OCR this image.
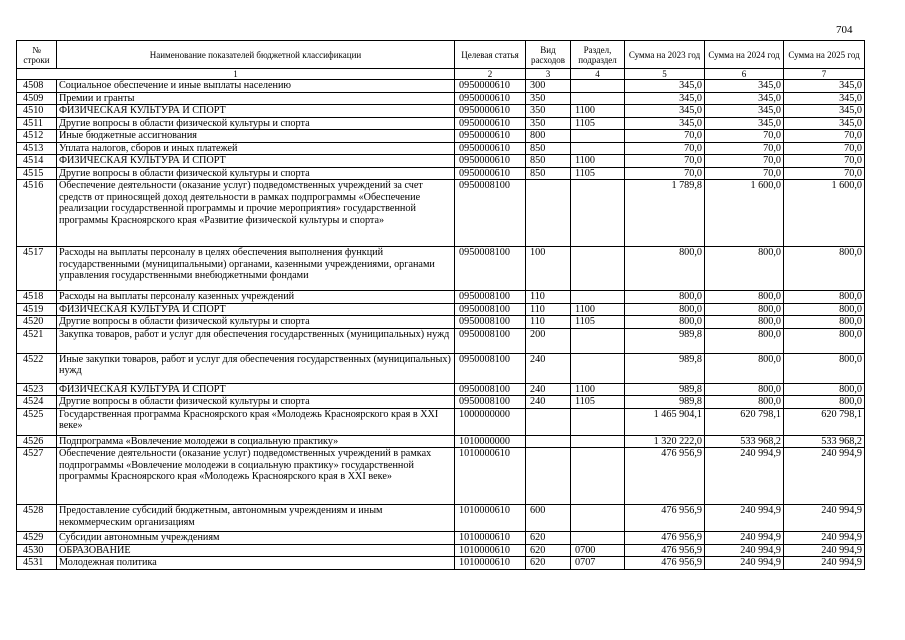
704
№ строки	Наименование показателей бюджетной классификации	Целевая статья	Вид расходов	Раздел, подраздел	Сумма на 2023 год	Сумма на 2024 год	Сумма на 2025 год
1		2	3	4	5	6	7
4508	Социальное обеспечение и иные выплаты населению	0950000610	300		345,0	345,0	345,0
4509	Премии и гранты	0950000610	350		345,0	345,0	345,0
4510	ФИЗИЧЕСКАЯ КУЛЬТУРА И СПОРТ	0950000610	350	1100	345,0	345,0	345,0
4511	Другие вопросы в области физической культуры и спорта	0950000610	350	1105	345,0	345,0	345,0
4512	Иные бюджетные ассигнования	0950000610	800		70,0	70,0	70,0
4513	Уплата налогов, сборов и иных платежей	0950000610	850		70,0	70,0	70,0
4514	ФИЗИЧЕСКАЯ КУЛЬТУРА И СПОРТ	0950000610	850	1100	70,0	70,0	70,0
4515	Другие вопросы в области физической культуры и спорта	0950000610	850	1105	70,0	70,0	70,0
4516	Обеспечение деятельности (оказание услуг) подведомственных учреждений за счет средств от приносящей доход деятельности в рамках подпрограммы «Обеспечение реализации государственной программы и прочие мероприятия» государственной программы Красноярского края «Развитие физической культуры и спорта»	0950008100			1 789,8	1 600,0	1 600,0
4517	Расходы на выплаты персоналу в целях обеспечения выполнения функций государственными (муниципальными) органами, казенными учреждениями, органами управления государственными внебюджетными фондами	0950008100	100		800,0	800,0	800,0
4518	Расходы на выплаты персоналу казенных учреждений	0950008100	110		800,0	800,0	800,0
4519	ФИЗИЧЕСКАЯ КУЛЬТУРА И СПОРТ	0950008100	110	1100	800,0	800,0	800,0
4520	Другие вопросы в области физической культуры и спорта	0950008100	110	1105	800,0	800,0	800,0
4521	Закупка товаров, работ и услуг для обеспечения государственных (муниципальных) нужд	0950008100	200		989,8	800,0	800,0
4522	Иные закупки товаров, работ и услуг для обеспечения государственных (муниципальных) нужд	0950008100	240		989,8	800,0	800,0
4523	ФИЗИЧЕСКАЯ КУЛЬТУРА И СПОРТ	0950008100	240	1100	989,8	800,0	800,0
4524	Другие вопросы в области физической культуры и спорта	0950008100	240	1105	989,8	800,0	800,0
4525	Государственная программа Красноярского края «Молодежь Красноярского края в XXI веке»	1000000000			1 465 904,1	620 798,1	620 798,1
4526	Подпрограмма «Вовлечение молодежи в социальную практику»	1010000000			1 320 222,0	533 968,2	533 968,2
4527	Обеспечение деятельности (оказание услуг) подведомственных учреждений в рамках подпрограммы «Вовлечение молодежи в социальную практику» государственной программы Красноярского края «Молодежь Красноярского края в XXI веке»	1010000610			476 956,9	240 994,9	240 994,9
4528	Предоставление субсидий бюджетным, автономным учреждениям и иным некоммерческим организациям	1010000610	600		476 956,9	240 994,9	240 994,9
4529	Субсидии автономным учреждениям	1010000610	620		476 956,9	240 994,9	240 994,9
4530	ОБРАЗОВАНИЕ	1010000610	620	0700	476 956,9	240 994,9	240 994,9
4531	Молодежная политика	1010000610	620	0707	476 956,9	240 994,9	240 994,9
